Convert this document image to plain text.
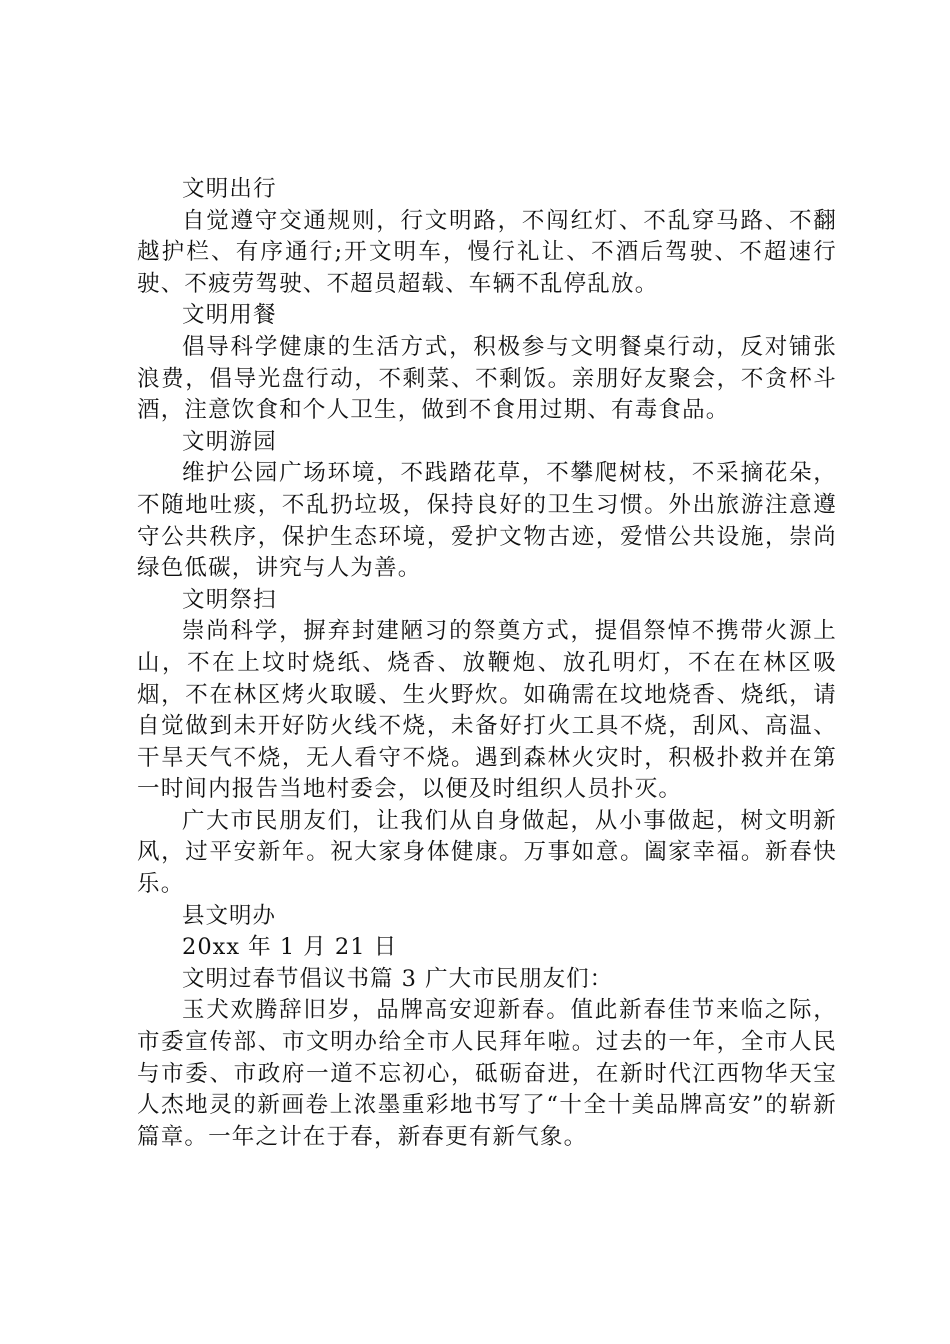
文明出行

自觉遵守交通规则，行文明路，不闯红灯、不乱穿马路、不翻越护栏、有序通行;开文明车，慢行礼让、不酒后驾驶、不超速行驶、不疲劳驾驶、不超员超载、车辆不乱停乱放。

文明用餐

倡导科学健康的生活方式，积极参与文明餐桌行动，反对铺张浪费，倡导光盘行动，不剩菜、不剩饭。亲朋好友聚会，不贪杯斗酒，注意饮食和个人卫生，做到不食用过期、有毒食品。

文明游园

维护公园广场环境，不践踏花草，不攀爬树枝，不采摘花朵，不随地吐痰，不乱扔垃圾，保持良好的卫生习惯。外出旅游注意遵守公共秩序，保护生态环境，爱护文物古迹，爱惜公共设施，崇尚绿色低碳，讲究与人为善。

文明祭扫

崇尚科学，摒弃封建陋习的祭奠方式，提倡祭悼不携带火源上山，不在上坟时烧纸、烧香、放鞭炮、放孔明灯，不在在林区吸烟，不在林区烤火取暖、生火野炊。如确需在坟地烧香、烧纸，请自觉做到未开好防火线不烧，未备好打火工具不烧，刮风、高温、干旱天气不烧，无人看守不烧。遇到森林火灾时，积极扑救并在第一时间内报告当地村委会，以便及时组织人员扑灭。

广大市民朋友们，让我们从自身做起，从小事做起，树文明新风，过平安新年。祝大家身体健康。万事如意。阖家幸福。新春快乐。

县文明办

20xx 年 1 月 21 日

文明过春节倡议书篇 3 广大市民朋友们：

玉犬欢腾辞旧岁，品牌高安迎新春。值此新春佳节来临之际，市委宣传部、市文明办给全市人民拜年啦。过去的一年，全市人民与市委、市政府一道不忘初心，砥砺奋进，在新时代江西物华天宝人杰地灵的新画卷上浓墨重彩地书写了“十全十美品牌高安”的崭新篇章。一年之计在于春，新春更有新气象。
